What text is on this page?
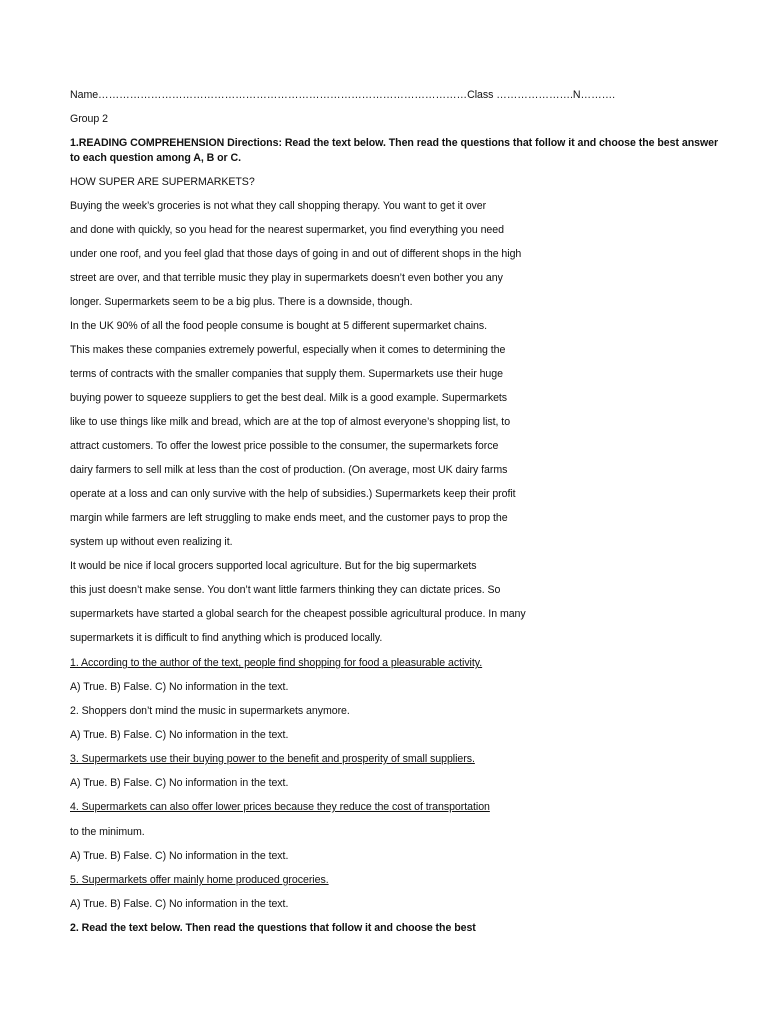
Name……………………………………………………………………………………………Class ………………….N……….
Group 2
1.READING COMPREHENSION Directions: Read the text below. Then read the questions that follow it and choose the best answer
to each question among A, B or C.
HOW SUPER ARE SUPERMARKETS?
Buying the week’s groceries is not what they call shopping therapy. You want to get it over
and done with quickly, so you head for the nearest supermarket, you find everything you need
under one roof, and you feel glad that those days of going in and out of different shops in the high
street are over, and that terrible music they play in supermarkets doesn’t even bother you any
longer. Supermarkets seem to be a big plus. There is a downside, though.
In the UK 90% of all the food people consume is bought at 5 different supermarket chains.
This makes these companies extremely powerful, especially when it comes to determining the
terms of contracts with the smaller companies that supply them. Supermarkets use their huge
buying power to squeeze suppliers to get the best deal. Milk is a good example. Supermarkets
like to use things like milk and bread, which are at the top of almost everyone’s shopping list, to
attract customers. To offer the lowest price possible to the consumer, the supermarkets force
dairy farmers to sell milk at less than the cost of production. (On average, most UK dairy farms
operate at a loss and can only survive with the help of subsidies.) Supermarkets keep their profit
margin while farmers are left struggling to make ends meet, and the customer pays to prop the
system up without even realizing it.
It would be nice if local grocers supported local agriculture. But for the big supermarkets
this just doesn’t make sense. You don’t want little farmers thinking they can dictate prices. So
supermarkets have started a global search for the cheapest possible agricultural produce. In many
supermarkets it is difficult to find anything which is produced locally.
1. According to the author of the text, people find shopping for food a pleasurable activity.
A) True. B) False. C) No information in the text.
2. Shoppers don’t mind the music in supermarkets anymore.
A) True. B) False. C) No information in the text.
3. Supermarkets use their buying power to the benefit and prosperity of small suppliers.
A) True. B) False. C) No information in the text.
4. Supermarkets can also offer lower prices because they reduce the cost of transportation
to the minimum.
A) True. B) False. C) No information in the text.
5. Supermarkets offer mainly home produced groceries.
A) True. B) False. C) No information in the text.
2. Read the text below. Then read the questions that follow it and choose the best
